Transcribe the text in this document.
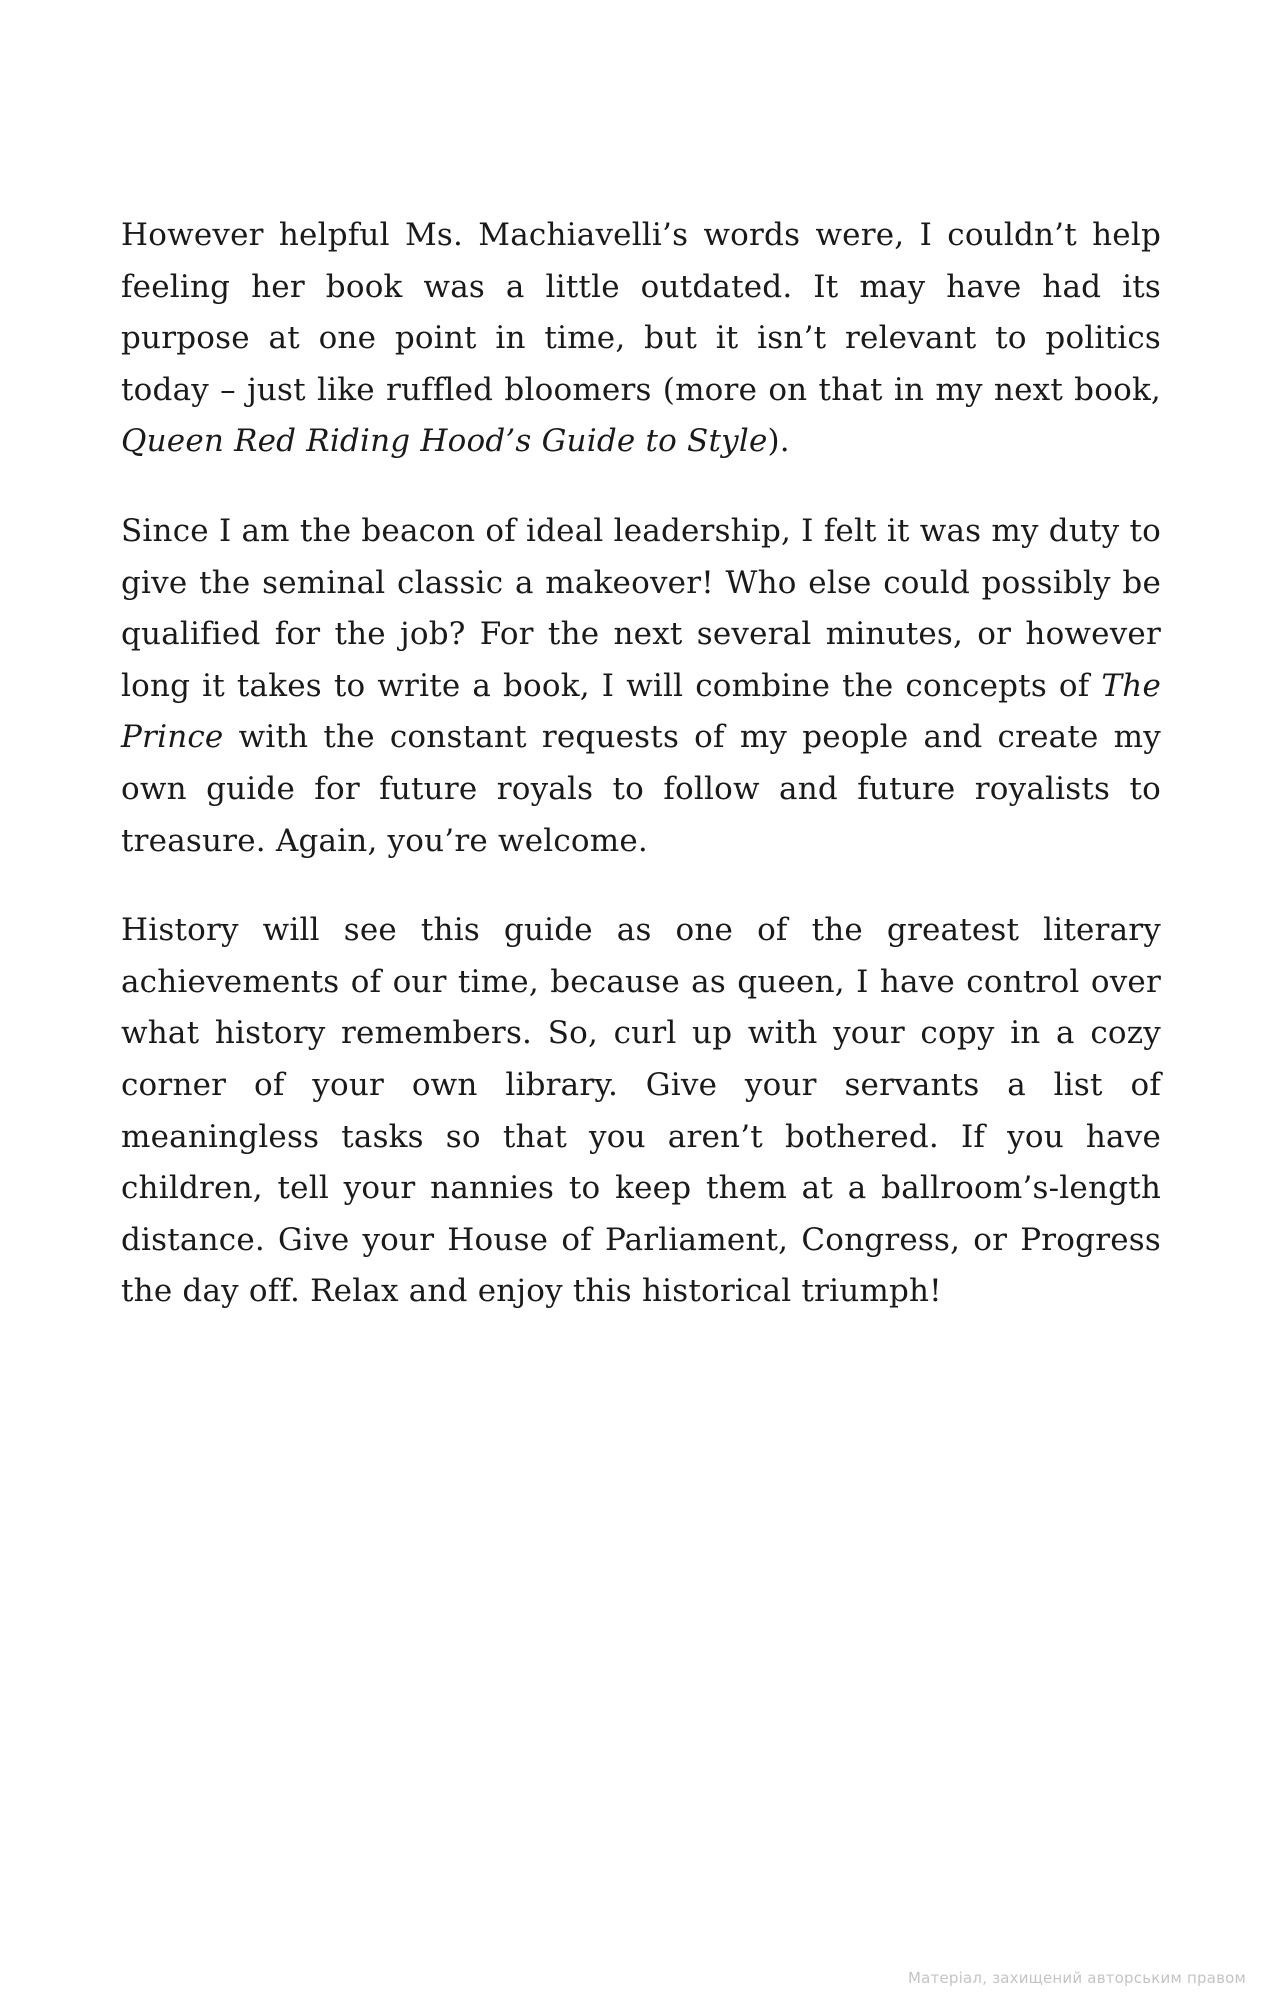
However helpful Ms. Machiavelli’s words were, I couldn’t help feeling her book was a little outdated. It may have had its purpose at one point in time, but it isn’t relevant to politics today – just like ruffled bloomers (more on that in my next book, Queen Red Riding Hood’s Guide to Style).

Since I am the beacon of ideal leadership, I felt it was my duty to give the seminal classic a makeover! Who else could possibly be qualified for the job? For the next several minutes, or however long it takes to write a book, I will combine the concepts of The Prince with the constant requests of my people and create my own guide for future royals to follow and future royalists to treasure. Again, you’re welcome.

History will see this guide as one of the greatest literary achievements of our time, because as queen, I have control over what history remembers. So, curl up with your copy in a cozy corner of your own library. Give your servants a list of meaningless tasks so that you aren’t bothered. If you have children, tell your nannies to keep them at a ballroom’s-length distance. Give your House of Parliament, Congress, or Progress the day off. Relax and enjoy this historical triumph!

Матеріал, захищений авторським правом
